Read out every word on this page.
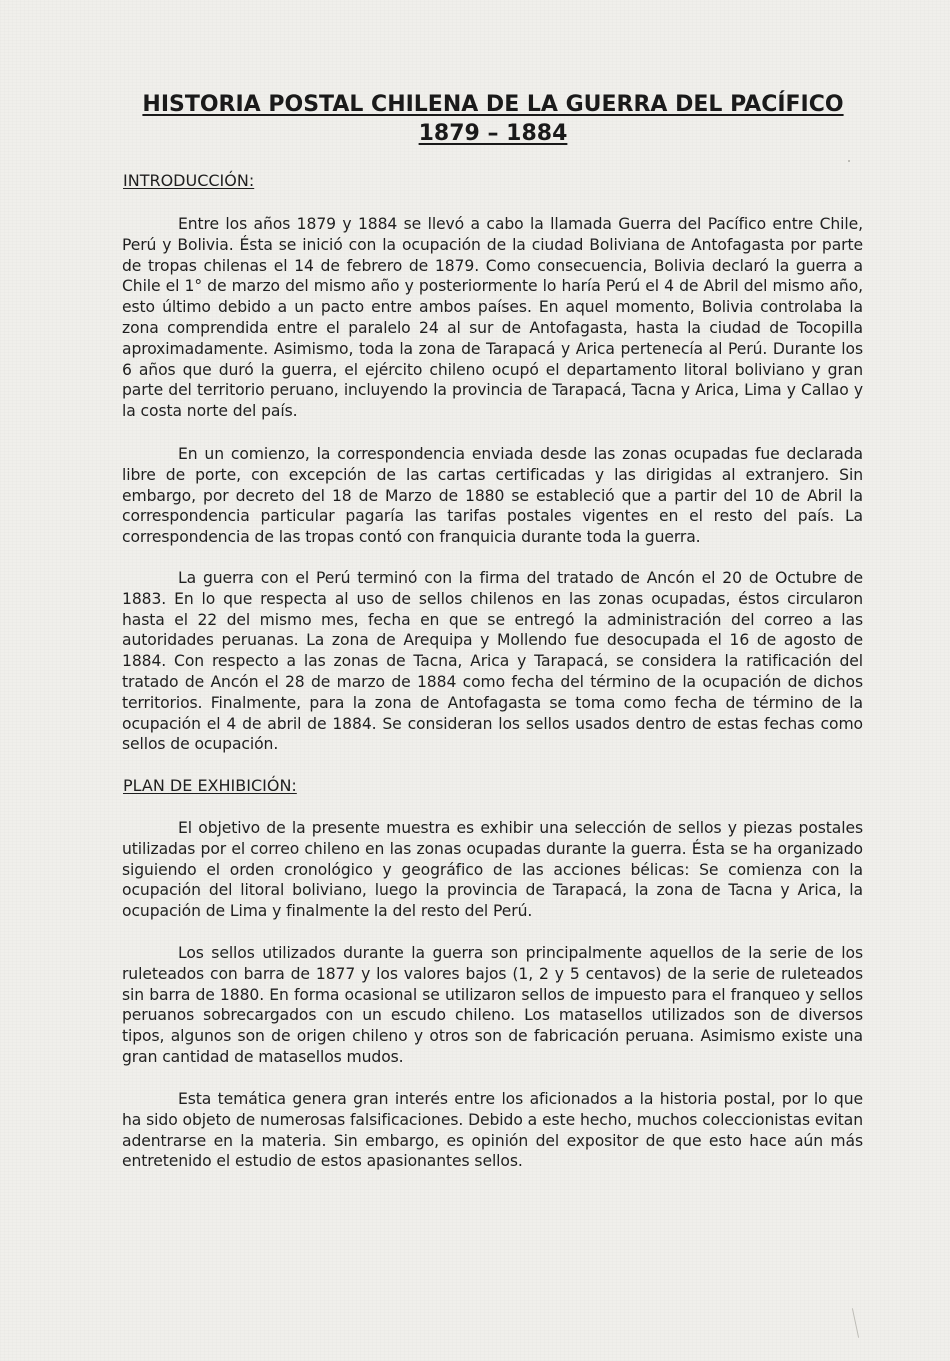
HISTORIA POSTAL CHILENA DE LA GUERRA DEL PACÍFICO
1879 – 1884
INTRODUCCIÓN:

Entre los años 1879 y 1884 se llevó a cabo la llamada Guerra del Pacífico entre Chile, Perú y Bolivia. Ésta se inició con la ocupación de la ciudad Boliviana de Antofagasta por parte de tropas chilenas el 14 de febrero de 1879. Como consecuencia, Bolivia declaró la guerra a Chile el 1° de marzo del mismo año y posteriormente lo haría Perú el 4 de Abril del mismo año, esto último debido a un pacto entre ambos países. En aquel momento, Bolivia controlaba la zona comprendida entre el paralelo 24 al sur de Antofagasta, hasta la ciudad de Tocopilla aproximadamente. Asimismo, toda la zona de Tarapacá y Arica pertenecía al Perú. Durante los 6 años que duró la guerra, el ejército chileno ocupó el departamento litoral boliviano y gran parte del territorio peruano, incluyendo la provincia de Tarapacá, Tacna y Arica, Lima y Callao y la costa norte del país.

En un comienzo, la correspondencia enviada desde las zonas ocupadas fue declarada libre de porte, con excepción de las cartas certificadas y las dirigidas al extranjero. Sin embargo, por decreto del 18 de Marzo de 1880 se estableció que a partir del 10 de Abril la correspondencia particular pagaría las tarifas postales vigentes en el resto del país. La correspondencia de las tropas contó con franquicia durante toda la guerra.

La guerra con el Perú terminó con la firma del tratado de Ancón el 20 de Octubre de 1883. En lo que respecta al uso de sellos chilenos en las zonas ocupadas, éstos circularon hasta el 22 del mismo mes, fecha en que se entregó la administración del correo a las autoridades peruanas. La zona de Arequipa y Mollendo fue desocupada el 16 de agosto de 1884. Con respecto a las zonas de Tacna, Arica y Tarapacá, se considera la ratificación del tratado de Ancón el 28 de marzo de 1884 como fecha del término de la ocupación de dichos territorios. Finalmente, para la zona de Antofagasta se toma como fecha de término de la ocupación el 4 de abril de 1884. Se consideran los sellos usados dentro de estas fechas como sellos de ocupación.

PLAN DE EXHIBICIÓN:

El objetivo de la presente muestra es exhibir una selección de sellos y piezas postales utilizadas por el correo chileno en las zonas ocupadas durante la guerra. Ésta se ha organizado siguiendo el orden cronológico y geográfico de las acciones bélicas: Se comienza con la ocupación del litoral boliviano, luego la provincia de Tarapacá, la zona de Tacna y Arica, la ocupación de Lima y finalmente la del resto del Perú.

Los sellos utilizados durante la guerra son principalmente aquellos de la serie de los ruleteados con barra de 1877 y los valores bajos (1, 2 y 5 centavos) de la serie de ruleteados sin barra de 1880. En forma ocasional se utilizaron sellos de impuesto para el franqueo y sellos peruanos sobrecargados con un escudo chileno. Los matasellos utilizados son de diversos tipos, algunos son de origen chileno y otros son de fabricación peruana. Asimismo existe una gran cantidad de matasellos mudos.

Esta temática genera gran interés entre los aficionados a la historia postal, por lo que ha sido objeto de numerosas falsificaciones. Debido a este hecho, muchos coleccionistas evitan adentrarse en la materia. Sin embargo, es opinión del expositor de que esto hace aún más entretenido el estudio de estos apasionantes sellos.
